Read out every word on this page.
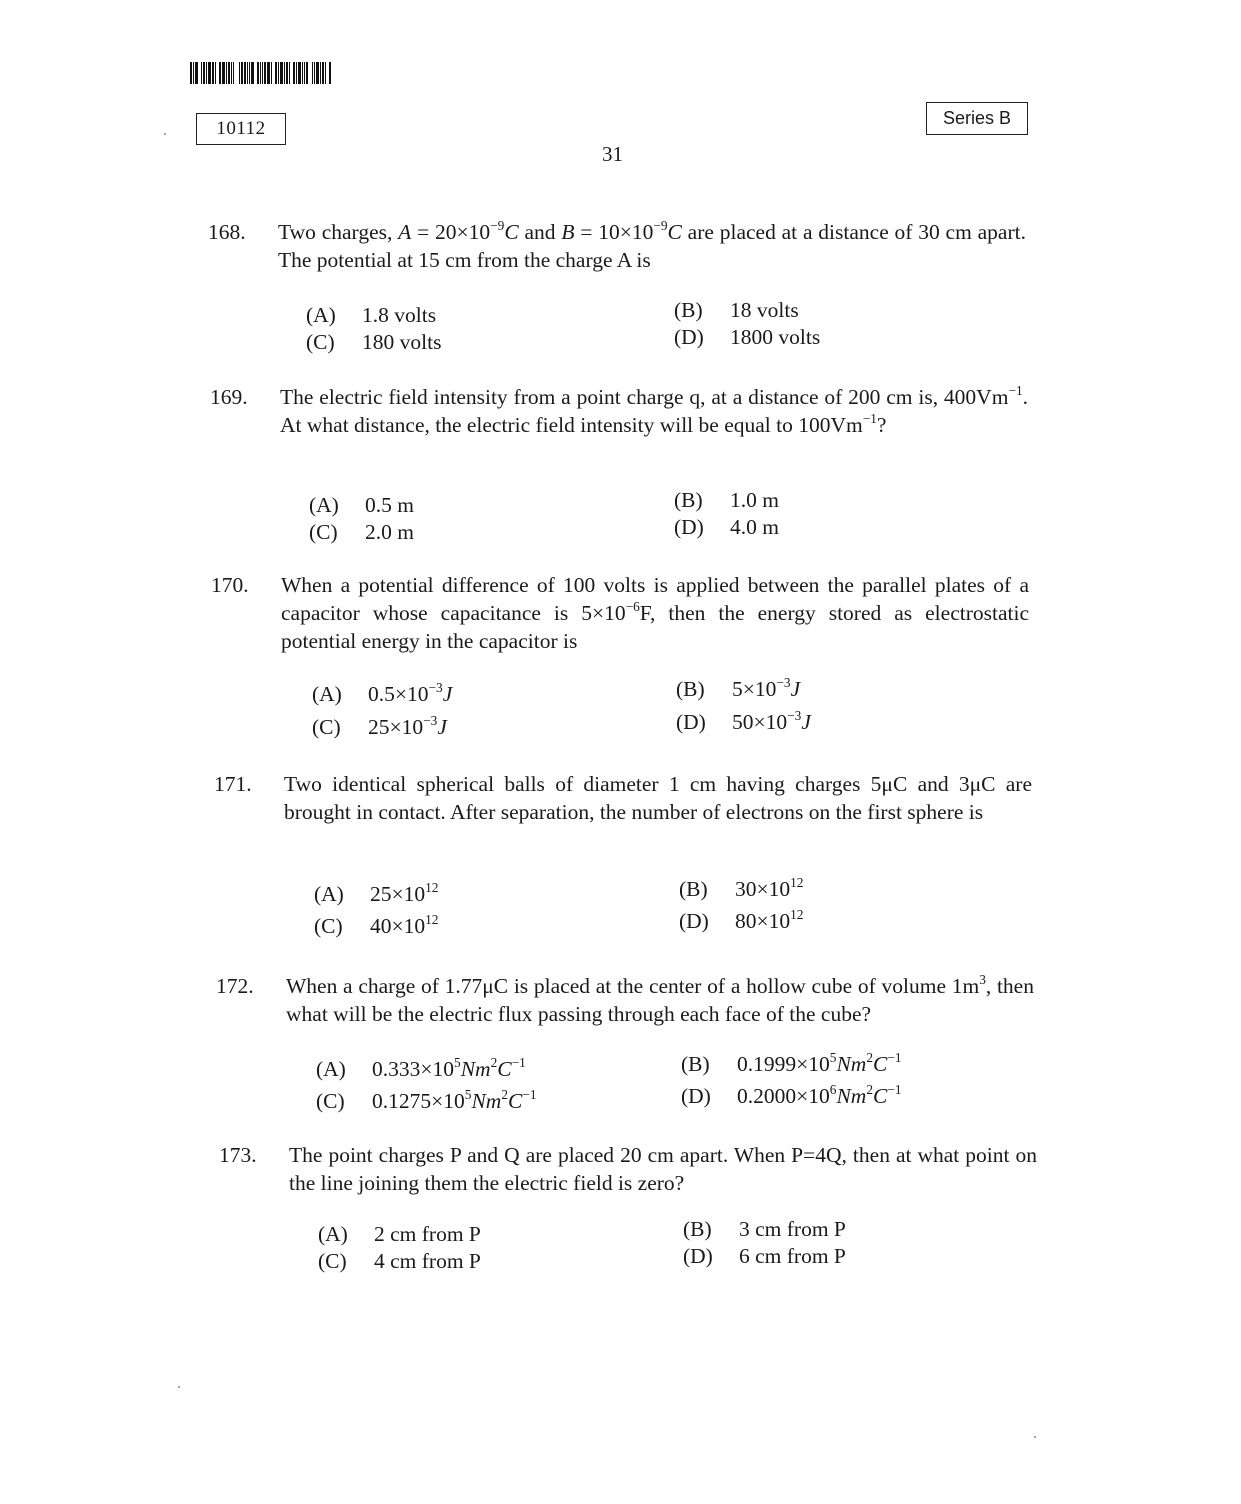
10112	Series B
31
168.	Two charges, $A = 20\times 10^{-9}C$ and $B = 10\times 10^{-9}C$ are placed at a distance of 30 cm apart. The potential at 15 cm from the charge A is
(A) 1.8 volts	(B) 18 volts
(C) 180 volts	(D) 1800 volts
169.	The electric field intensity from a point charge q, at a distance of 200 cm is, $400Vm^{-1}$. At what distance, the electric field intensity will be equal to $100Vm^{-1}$?
(A) 0.5 m	(B) 1.0 m
(C) 2.0 m	(D) 4.0 m
170.	When a potential difference of 100 volts is applied between the parallel plates of a capacitor whose capacitance is $5\times 10^{-6}F$, then the energy stored as electrostatic potential energy in the capacitor is
(A) $0.5\times 10^{-3}J$	(B) $5\times 10^{-3}J$
(C) $25\times 10^{-3}J$	(D) $50\times 10^{-3}J$
171.	Two identical spherical balls of diameter 1 cm having charges 5μC and 3μC are brought in contact. After separation, the number of electrons on the first sphere is
(A) $25\times 10^{12}$	(B) $30\times 10^{12}$
(C) $40\times 10^{12}$	(D) $80\times 10^{12}$
172.	When a charge of 1.77μC is placed at the center of a hollow cube of volume $1m^3$, then what will be the electric flux passing through each face of the cube?
(A) $0.333\times 10^5Nm^2C^{-1}$	(B) $0.1999\times 10^5Nm^2C^{-1}$
(C) $0.1275\times 10^5Nm^2C^{-1}$	(D) $0.2000\times 10^6Nm^2C^{-1}$
173.	The point charges P and Q are placed 20 cm apart. When P=4Q, then at what point on the line joining them the electric field is zero?
(A) 2 cm from P	(B) 3 cm from P
(C) 4 cm from P	(D) 6 cm from P
